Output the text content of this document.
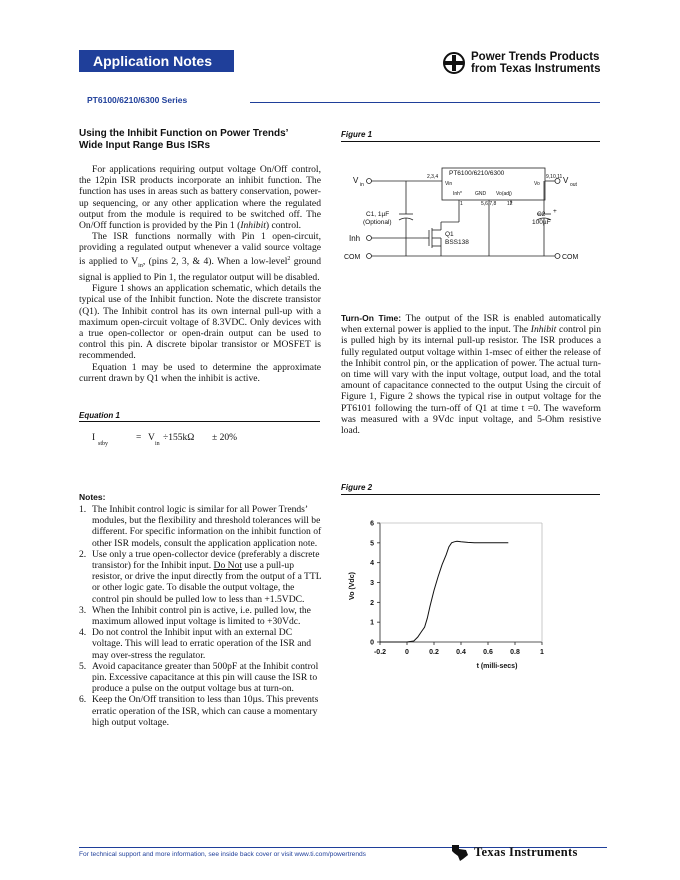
Application Notes	Power Trends Products
from Texas Instruments
PT6100/6210/6300 Series
Using the Inhibit Function on Power Trends’
Wide Input Range Bus ISRs

For applications requiring output voltage On/Off control, the 12pin ISR products incorporate an inhibit function. The function has uses in areas such as battery conservation, power-up sequencing, or any other application where the regulated output from the module is required to be switched off. The On/Off function is provided by the Pin 1 (Inhibit) control.

The ISR functions normally with Pin 1 open-circuit, providing a regulated output whenever a valid source voltage is applied to $V_{in}$, (pins 2, 3, & 4). When a low-level$^2$ ground signal is applied to Pin 1, the regulator output will be disabled.

Figure 1 shows an application schematic, which details the typical use of the Inhibit function. Note the discrete transistor (Q1). The Inhibit control has its own internal pull-up with a maximum open-circuit voltage of 8.3VDC. Only devices with a true open-collector or open-drain output can be used to control this pin. A discrete bipolar transistor or MOSFET is recommended.

Equation 1 may be used to determine the approximate current drawn by Q1 when the inhibit is active.

Equation 1
I
stby
= V
in
÷155kΩ ± 20%
Notes:
1. The Inhibit control logic is similar for all Power Trends’ modules, but the flexibility and threshold tolerances will be different. For specific information on the inhibit function of other ISR models, consult the application application note.
2. Use only a true open-collector device (preferably a discrete transistor) for the Inhibit input. Do Not use a pull-up resistor, or drive the input directly from the output of a TTL or other logic gate. To disable the output voltage, the control pin should be pulled low to less than +1.5VDC.
3. When the Inhibit control pin is active, i.e. pulled low, the maximum allowed input voltage is limited to +30Vdc.
4. Do not control the Inhibit input with an external DC voltage. This will lead to erratic operation of the ISR and may over-stress the regulator.
5. Avoid capacitance greater than 500pF at the Inhibit control pin. Excessive capacitance at this pin will cause the ISR to produce a pulse on the output voltage bus at turn-on.
6. Keep the On/Off transition to less than 10µs. This prevents erratic operation of the ISR, which can cause a momentary high output voltage.
Figure 1
V in	V out
PT6100/6210/6300
2,3,4	9,10,11
Vin	Vo
Inh*	GND Vo(adj)
1	5,6,7,8 12
C1, 1µF
(Optional)
Q1
BSS138
C2
100µF
+
Inh
COM	COM

Turn-On Time: The output of the ISR is enabled automatically when external power is applied to the input. The Inhibit control pin is pulled high by its internal pull-up resistor. The ISR produces a fully regulated output voltage within 1-msec of either the release of the Inhibit control pin, or the application of power. The actual turn-on time will vary with the input voltage, output load, and the total amount of capacitance connected to the output Using the circuit of Figure 1, Figure 2 shows the typical rise in output voltage for the PT6101 following the turn-off of Q1 at time t =0. The waveform was measured with a 9Vdc input voltage, and 5-Ohm resistive load.

Figure 2
-0.2	0	0.2 0.4 0.6 0.8	1
0
1
2
3
4
5
6
t (milli-secs)
Vo (Vdc)
For technical support and more information, see inside back cover or visit www.ti.com/powertrends	Texas Instruments
